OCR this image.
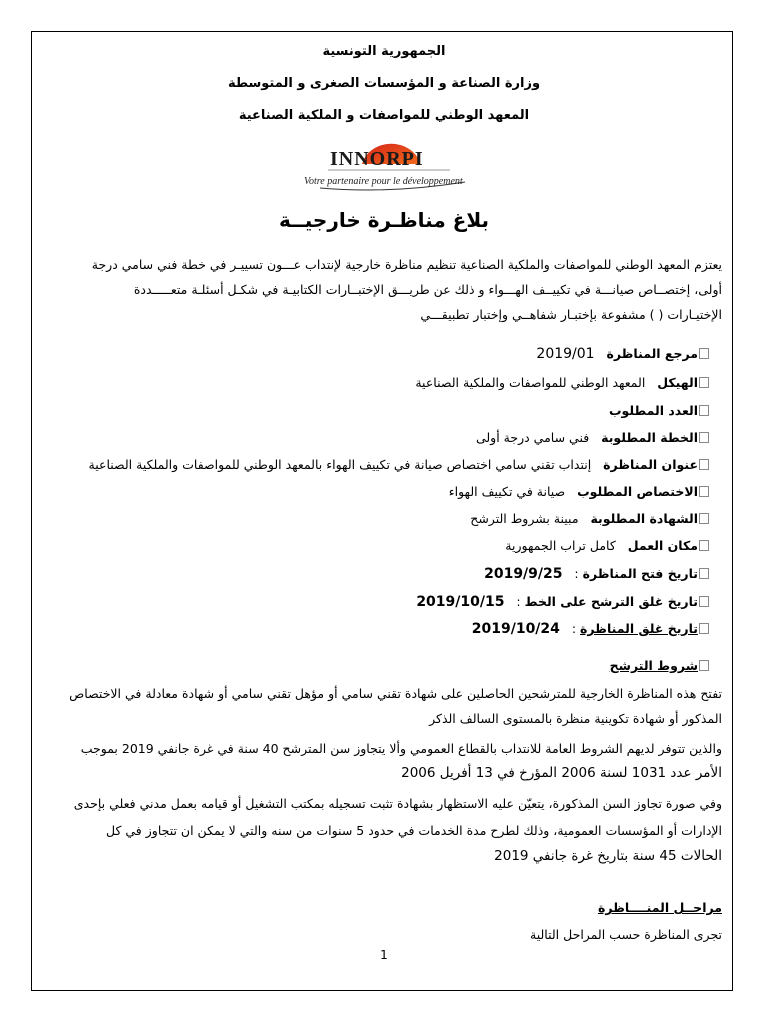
الجمهورية التونسية
وزارة الصناعة و المؤسسات الصغرى و المتوسطة
المعهد الوطني للمواصفات و الملكية الصناعية
INNORPI
Votre partenaire pour le développement
بلاغ مناظـرة خارجيــة
يعتزم المعهد الوطني للمواصفات والملكية الصناعية تنظيم مناظرة خارجية لإنتداب عـــون تسييـر في خطة فني سامي درجة
أولى، إختصــاص صيانـــة في تكييــف الهـــواء و ذلك عن طريـــق الإختبــارات الكتابيـة في شكـل أسئلـة متعـــــددة
الإختيـارات ( ) مشفوعة بإختبـار شفاهــي وإختبار تطبيقـــي
مرجع المناظرة   2019/01
الهيكل   المعهد الوطني للمواصفات والملكية الصناعية
العدد المطلوب
الخطة المطلوبة   فني سامي درجة أولى
عنوان المناظرة   إنتداب تقني سامي اختصاص صيانة في تكييف الهواء بالمعهد الوطني للمواصفات والملكية الصناعية
الاختصاص المطلوب   صيانة في تكييف الهواء
الشهادة المطلوبة   مبينة بشروط الترشح
مكان العمل   كامل تراب الجمهورية
تاريخ فتح المناظرة :   2019/9/25
تاريخ غلق الترشح على الخط :   2019/10/15
تاريخ غلق المناظرة :   2019/10/24
شروط الترشح
تفتح هذه المناظرة الخارجية للمترشحين الحاصلين على شهادة تقني سامي أو مؤهل تقني سامي أو شهادة معادلة في الاختصاص
المذكور أو شهادة تكوينية منظرة بالمستوى السالف الذكر
والذين تتوفر لديهم الشروط العامة للانتداب بالقطاع العمومي وألا يتجاوز سن المترشح 40 سنة في غرة جانفي 2019 بموجب
الأمر عدد 1031 لسنة 2006 المؤرخ في 13 أفريل 2006
وفي صورة تجاوز السن المذكورة، يتعيّن عليه الاستظهار بشهادة تثبت تسجيله بمكتب التشغيل أو قيامه بعمل مدني فعلي بإحدى
الإدارات أو المؤسسات العمومية، وذلك لطرح مدة الخدمات في حدود 5 سنوات من سنه والتي لا يمكن ان تتجاوز في كل
الحالات 45 سنة بتاريخ غرة جانفي 2019
مراحــل المنــــاظرة
تجرى المناظرة حسب المراحل التالية
1
